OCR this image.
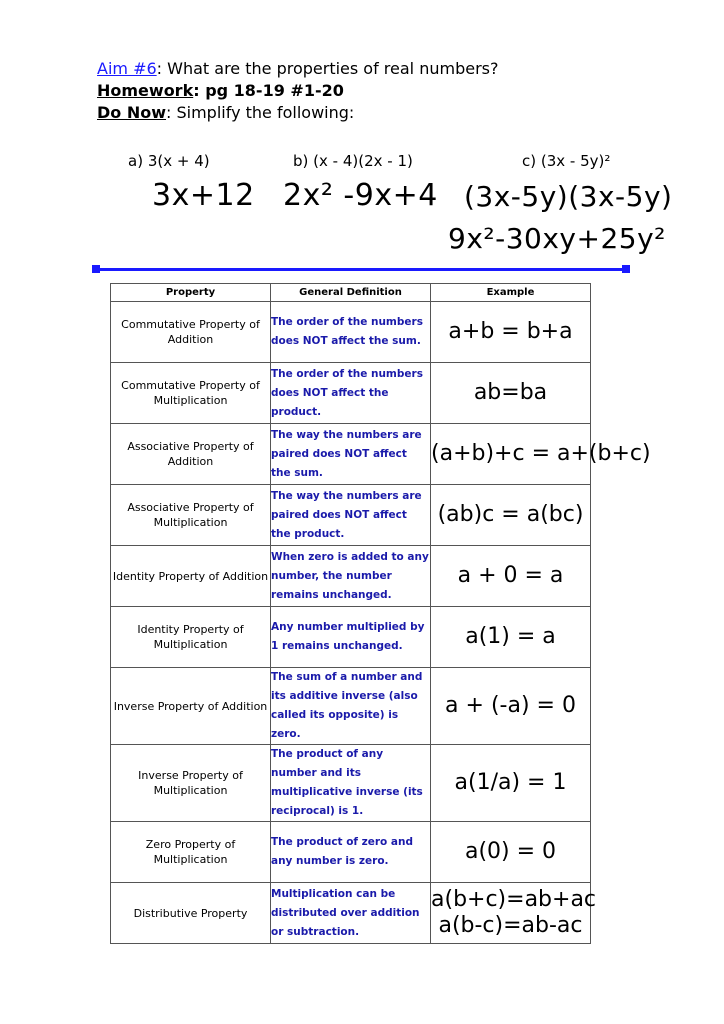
Aim #6: What are the properties of real numbers?
Homework: pg 18-19 #1-20
Do Now: Simplify the following:
a) 3(x + 4)
3x+12
b) (x - 4)(2x - 1)
2x² -9x+4
c) (3x - 5y)²
(3x-5y)(3x-5y)
9x²-30xy+25y²
Property	General Definition	Example
Commutative Property of Addition	The order of the numbers does NOT affect the sum.	a+b = b+a

Commutative Property of Multiplication	The order of the numbers does NOT affect the product.	ab=ba

Associative Property of Addition	The way the numbers are paired does NOT affect the sum.	(a+b)+c = a+(b+c)

Associative Property of Multiplication	The way the numbers are paired does NOT affect the product.	(ab)c = a(bc)

Identity Property of Addition	When zero is added to any number, the number remains unchanged.	a + 0 = a

Identity Property of Multiplication	Any number multiplied by 1 remains unchanged.	a(1) = a

Inverse Property of Addition	The sum of a number and its additive inverse (also called its opposite) is zero.	a + (-a) = 0

Inverse Property of Multiplication	The product of any number and its multiplicative inverse (its reciprocal) is 1.	a(1/a) = 1

Zero Property of Multiplication	The product of zero and any number is zero.	a(0) = 0

Distributive Property	Multiplication can be distributed over addition or subtraction.	a(b+c)=ab+ac
a(b-c)=ab-ac
